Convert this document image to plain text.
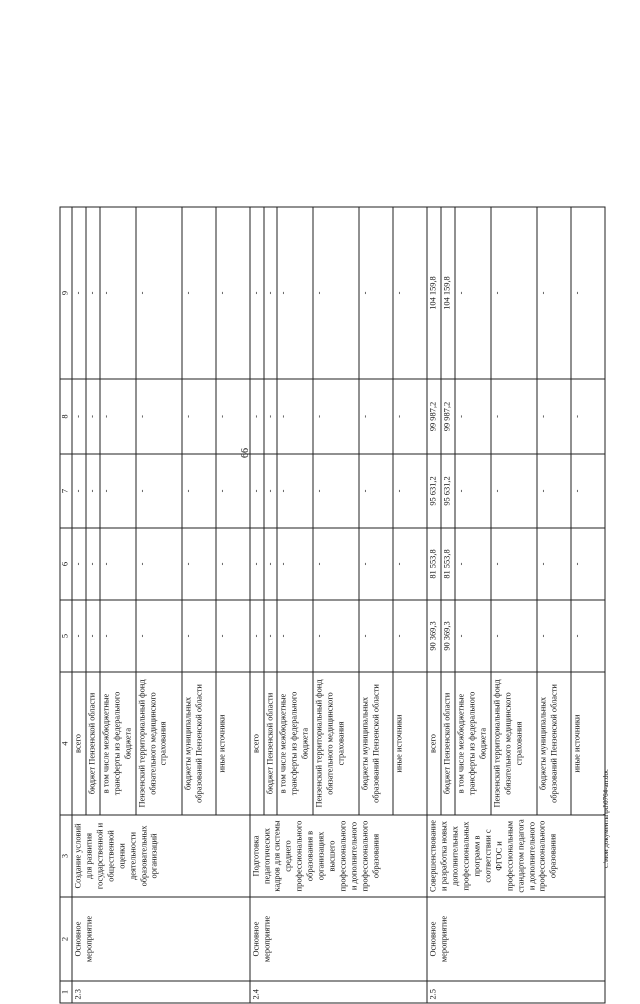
66
c:\мои документы\pd\0764-ап.doc
1	2	3	4	5	6	7	8	9
2.3	Основное мероприятие	Создание условий для развития государственной и общественной оценки деятельности образовательных организаций	всего	-	-	-	-	-
			бюджет Пензенской области	-	-	-	-	-
			в том числе межбюджетные трансферты из федерального бюджета	-	-	-	-	-
			Пензенский территориальный фонд обязательного медицинского страхования	-	-	-	-	-
			бюджеты муниципальных образований Пензенской области	-	-	-	-	-
			иные источники	-	-	-	-	-
2.4	Основное мероприятие	Подготовка педагогических кадров для системы среднего профессионального образования в организациях высшего профессионального и дополнительного профессионального образования	всего	-	-	-	-	-
			бюджет Пензенской области	-	-	-	-	-
			в том числе межбюджетные трансферты из федерального бюджета	-	-	-	-	-
			Пензенский территориальный фонд обязательного медицинского страхования	-	-	-	-	-
			бюджеты муниципальных образований Пензенской области	-	-	-	-	-
			иные источники	-	-	-	-	-
2.5	Основное мероприятие	Совершенствование и разработка новых дополнительных профессиональных программ в соответствии с ФГОС и профессиональным стандартом педагога и дополнительного профессионального образования	всего	90 369,3	81 553,8	95 631,2	99 987,2	104 159,8
			бюджет Пензенской области	90 369,3	81 553,8	95 631,2	99 987,2	104 159,8
			в том числе межбюджетные трансферты из федерального бюджета	-	-	-	-	-
			Пензенский территориальный фонд обязательного медицинского страхования	-	-	-	-	-
			бюджеты муниципальных образований Пензенской области	-	-	-	-	-
			иные источники	-	-	-	-	-
